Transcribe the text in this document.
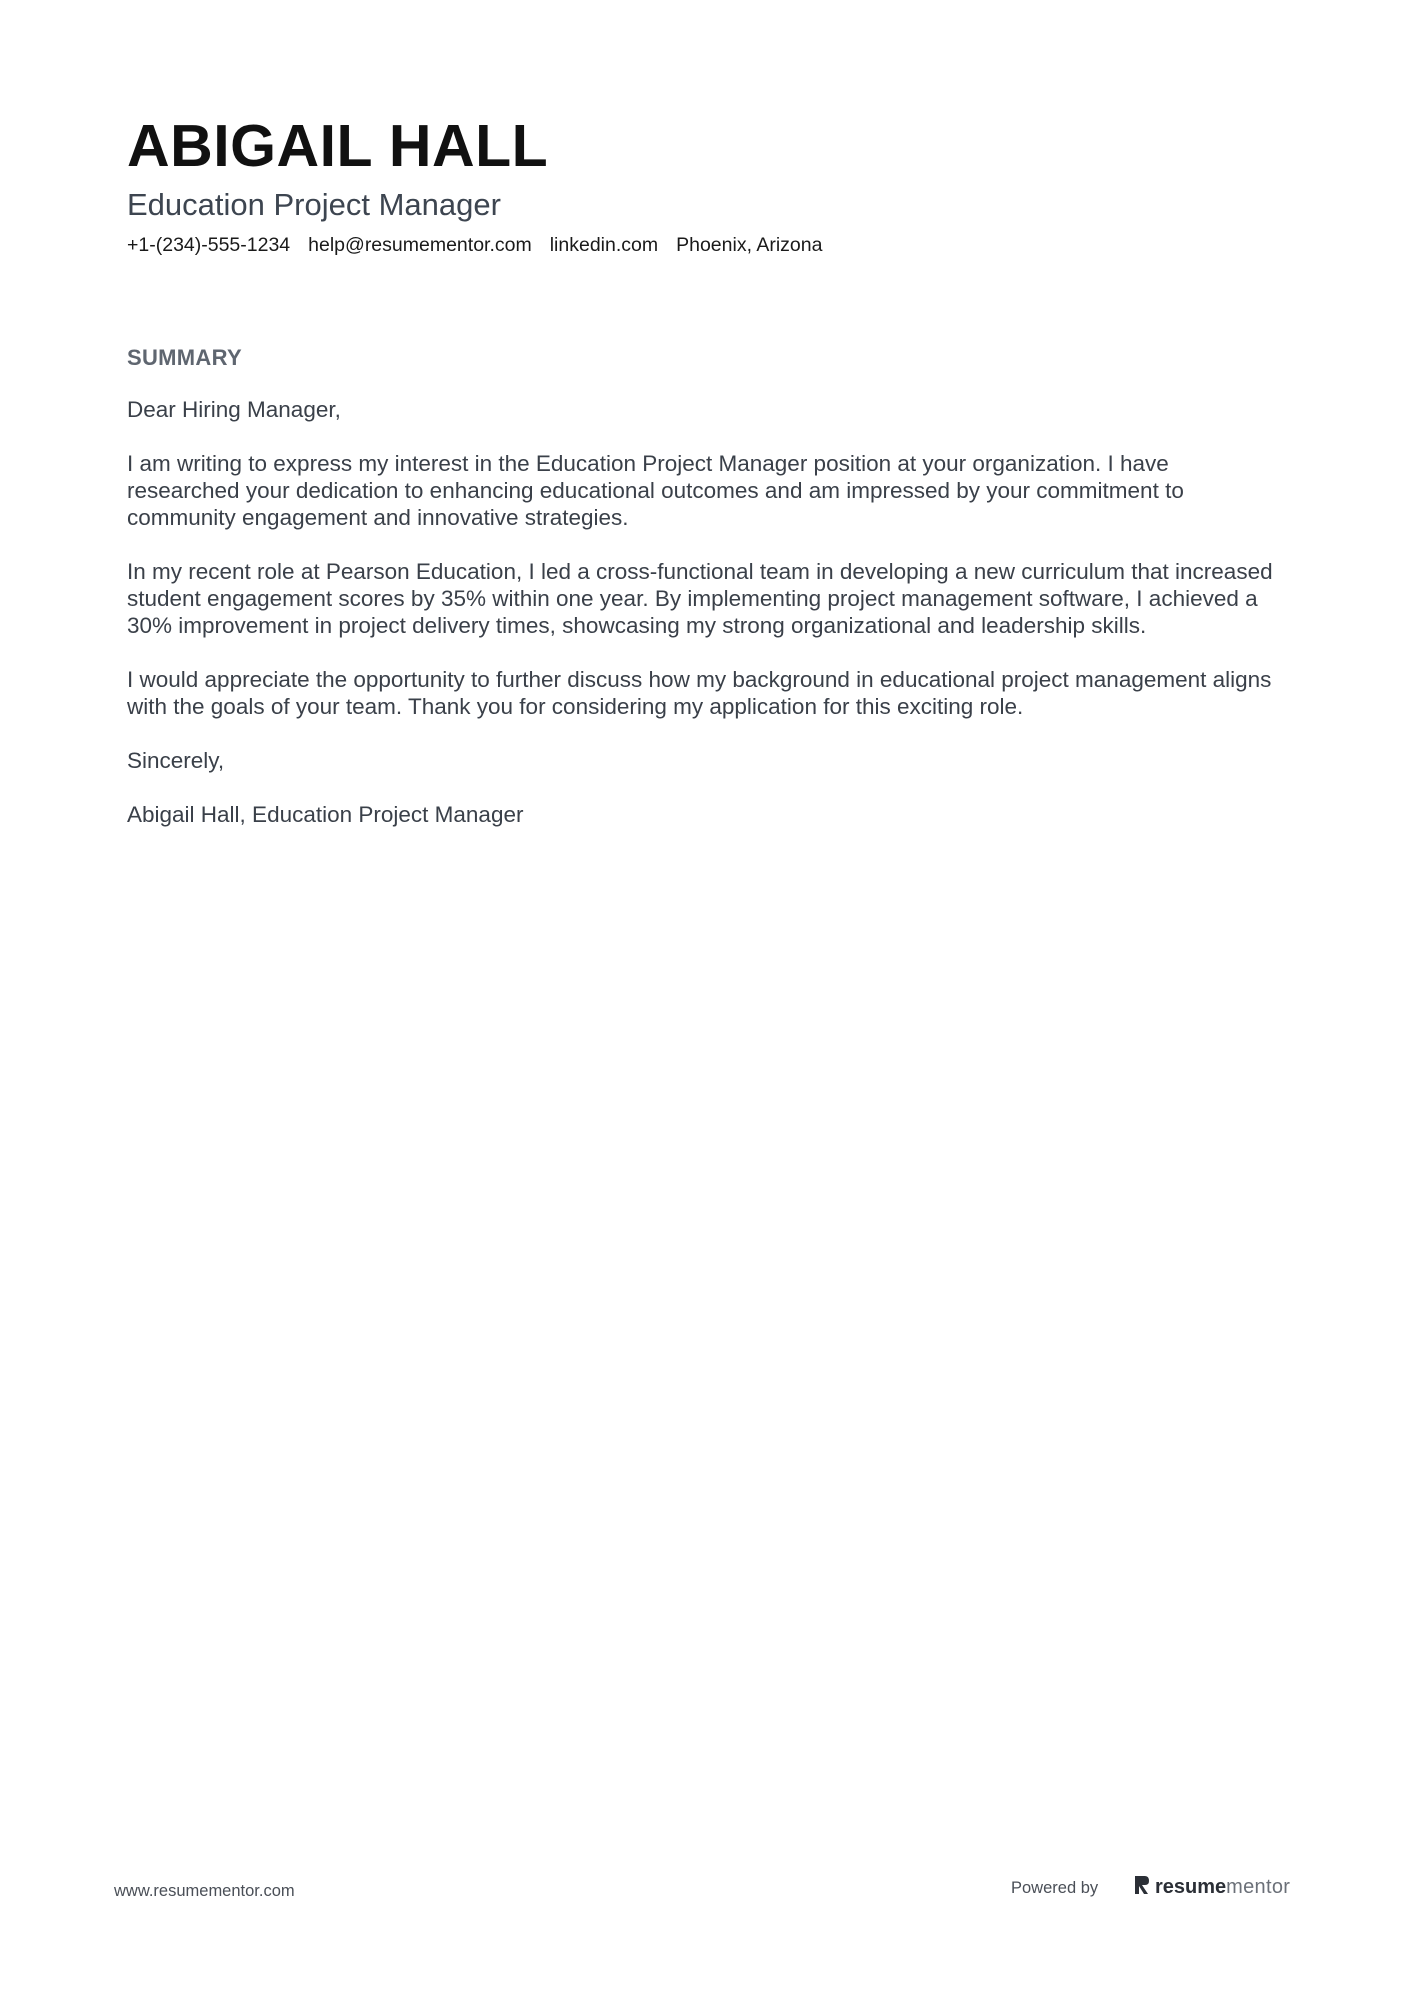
ABIGAIL HALL
Education Project Manager
+1-(234)-555-1234 help@resumementor.com linkedin.com Phoenix, Arizona
SUMMARY

Dear Hiring Manager,

I am writing to express my interest in the Education Project Manager position at your organization. I have researched your dedication to enhancing educational outcomes and am impressed by your commitment to community engagement and innovative strategies.

In my recent role at Pearson Education, I led a cross-functional team in developing a new curriculum that increased student engagement scores by 35% within one year. By implementing project management software, I achieved a 30% improvement in project delivery times, showcasing my strong organizational and leadership skills.

I would appreciate the opportunity to further discuss how my background in educational project management aligns with the goals of your team. Thank you for considering my application for this exciting role.

Sincerely,

Abigail Hall, Education Project Manager

www.resumementor.com	Powered by	resumementor
